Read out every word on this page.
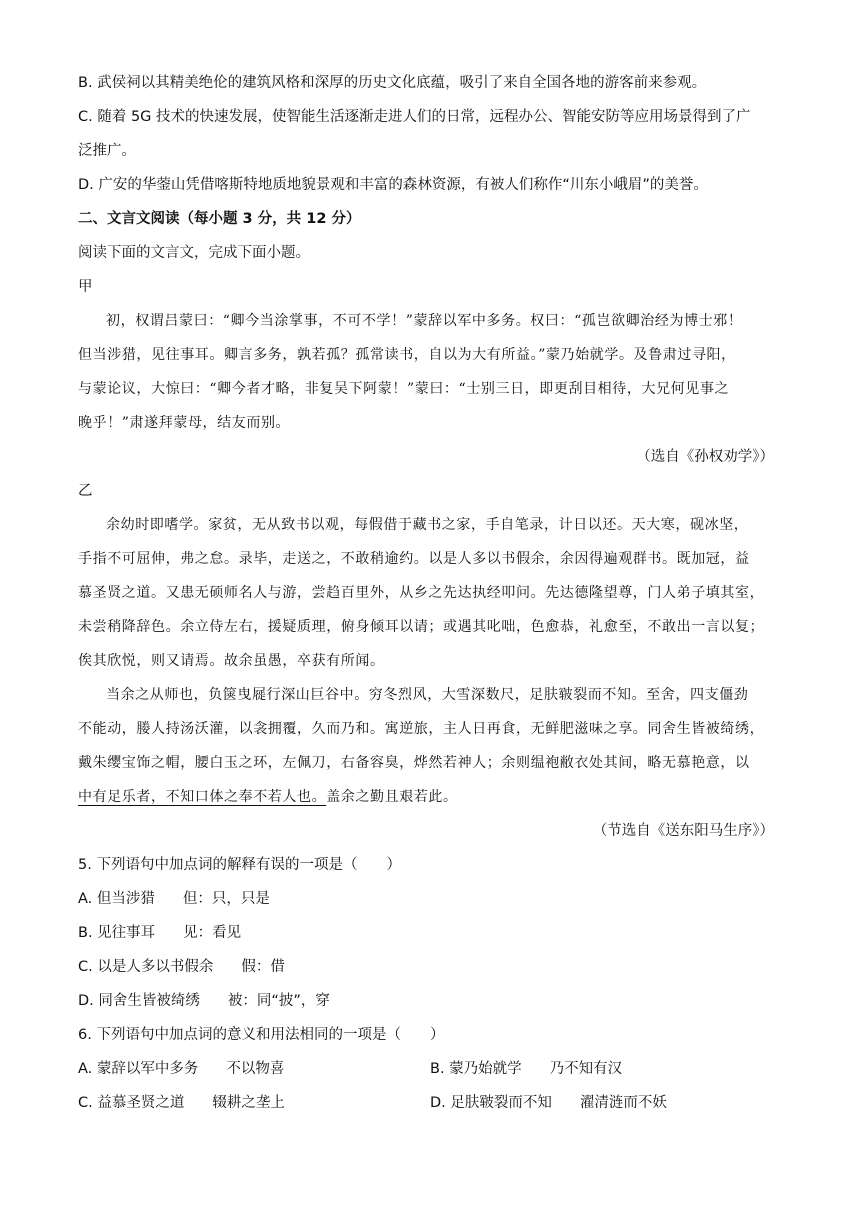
B. 武侯祠以其精美绝伦的建筑风格和深厚的历史文化底蕴，吸引了来自全国各地的游客前来参观。
C. 随着 5G 技术的快速发展，使智能生活逐渐走进人们的日常，远程办公、智能安防等应用场景得到了广
泛推广。
D. 广安的华蓥山凭借喀斯特地质地貌景观和丰富的森林资源，有被人们称作“川东小峨眉”的美誉。
二、文言文阅读（每小题 3 分，共 12 分）
阅读下面的文言文，完成下面小题。
甲
初，权谓吕蒙曰：“卿今当涂掌事，不可不学！”蒙辞以军中多务。权曰：“孤岂欲卿治经为博士邪！
但当涉猎，见往事耳。卿言多务，孰若孤？孤常读书，自以为大有所益。”蒙乃始就学。及鲁肃过寻阳，
与蒙论议，大惊曰：“卿今者才略，非复吴下阿蒙！”蒙曰：“士别三日，即更刮目相待，大兄何见事之
晚乎！”肃遂拜蒙母，结友而别。
（选自《孙权劝学》）
乙
余幼时即嗜学。家贫，无从致书以观，每假借于藏书之家，手自笔录，计日以还。天大寒，砚冰坚，
手指不可屈伸，弗之怠。录毕，走送之，不敢稍逾约。以是人多以书假余，余因得遍观群书。既加冠，益
慕圣贤之道。又患无硕师名人与游，尝趋百里外，从乡之先达执经叩问。先达德隆望尊，门人弟子填其室，
未尝稍降辞色。余立侍左右，援疑质理，俯身倾耳以请；或遇其叱咄，色愈恭，礼愈至，不敢出一言以复；
俟其欣悦，则又请焉。故余虽愚，卒获有所闻。
当余之从师也，负箧曳屣行深山巨谷中。穷冬烈风，大雪深数尺，足肤皲裂而不知。至舍，四支僵劲
不能动，媵人持汤沃灌，以衾拥覆，久而乃和。寓逆旅，主人日再食，无鲜肥滋味之享。同舍生皆被绮绣，
戴朱缨宝饰之帽，腰白玉之环，左佩刀，右备容臭，烨然若神人；余则缊袍敝衣处其间，略无慕艳意，以
中有足乐者，不知口体之奉不若人也。盖余之勤且艰若此。
（节选自《送东阳马生序》）
5. 下列语句中加点词的解释有误的一项是（　　）
A. 但当涉猎 但：只，只是
B. 见往事耳 见：看见
C. 以是人多以书假余 假：借
D. 同舍生皆被绮绣 被：同“披”，穿
6. 下列语句中加点词的意义和用法相同的一项是（　　）
A. 蒙辞以军中多务 不以物喜	B. 蒙乃始就学 乃不知有汉
C. 益慕圣贤之道 辍耕之垄上	D. 足肤皲裂而不知 濯清涟而不妖
